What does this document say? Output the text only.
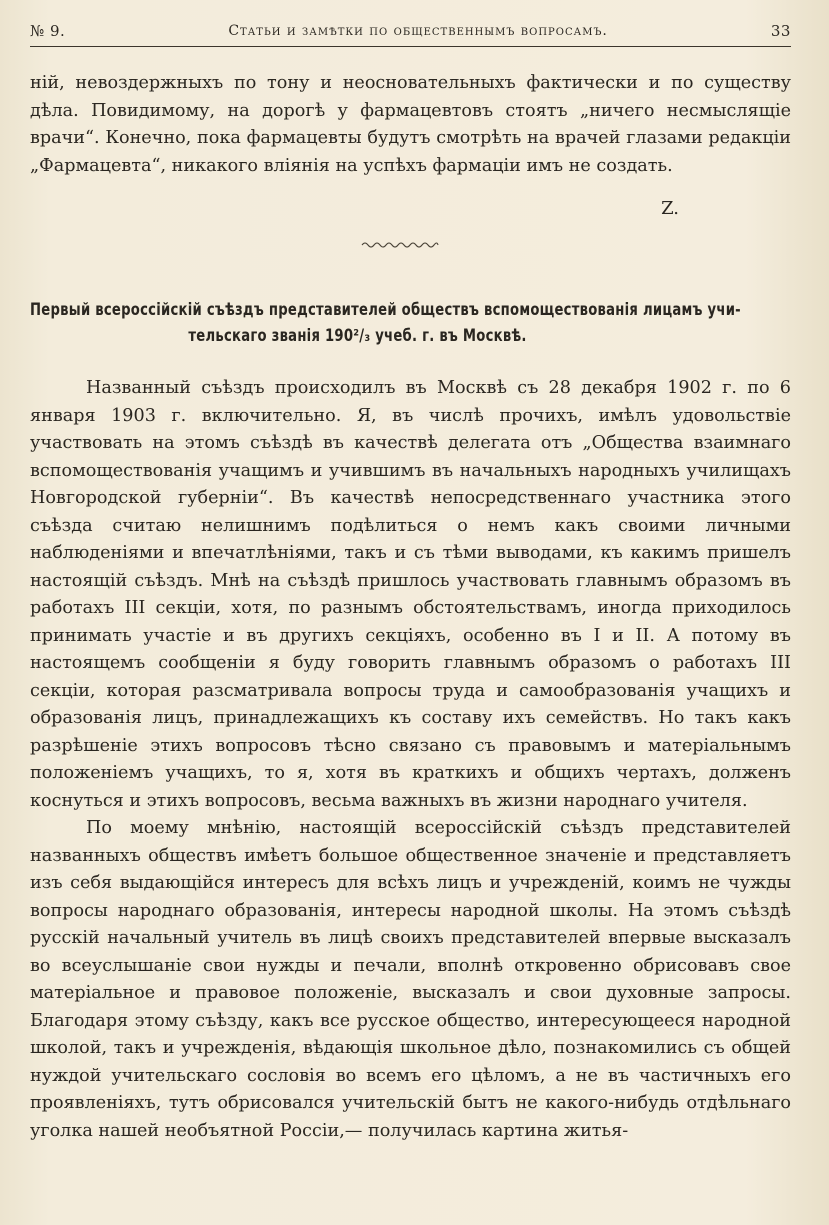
№ 9.	Статьи и замѣтки по общественнымъ вопросамъ.	33

нiй, невоздержныхъ по тону и неосновательныхъ фактически и по существу дѣла. Повидимому, на дорогѣ у фармацевтовъ стоятъ „ничего несмыслящiе врачи“. Конечно, пока фармацевты будутъ смотрѣть на врачей глазами редакцiи „Фармацевта“, никакого влiянiя на успѣхъ фармацiи имъ не создать.

Z.
Первый всероссiйскiй съѣздъ представителей обществъ вспомоществованiя лицамъ учи-
тельскаго званiя 190²/₃ учеб. г. въ Москвѣ.

Названный съѣздъ происходилъ въ Москвѣ съ 28 декабря 1902 г. по 6 января 1903 г. включительно. Я, въ числѣ прочихъ, имѣлъ удовольствiе участвовать на этомъ съѣздѣ въ качествѣ делегата отъ „Общества взаимнаго вспомоществованiя учащимъ и учившимъ въ начальныхъ народныхъ училищахъ Новгородской губернiи“. Въ качествѣ непосредственнаго участника этого съѣзда считаю нелишнимъ подѣлиться о немъ какъ своими личными наблюденiями и впечатлѣнiями, такъ и съ тѣми выводами, къ какимъ пришелъ настоящiй съѣздъ. Мнѣ на съѣздѣ пришлось участвовать главнымъ образомъ въ работахъ III секцiи, хотя, по разнымъ обстоятельствамъ, иногда приходилось принимать участiе и въ другихъ секцiяхъ, особенно въ I и II. А потому въ настоящемъ сообщенiи я буду говорить главнымъ образомъ о работахъ III секцiи, которая разсматривала вопросы труда и самообразованiя учащихъ и образованiя лицъ, принадлежащихъ къ составу ихъ семействъ. Но такъ какъ разрѣшенiе этихъ вопросовъ тѣсно связано съ правовымъ и матерiальнымъ положенiемъ учащихъ, то я, хотя въ краткихъ и общихъ чертахъ, долженъ коснуться и этихъ вопросовъ, весьма важныхъ въ жизни народнаго учителя.

По моему мнѣнiю, настоящiй всероссiйскiй съѣздъ представителей названныхъ обществъ имѣетъ большое общественное значенiе и представляетъ изъ себя выдающiйся интересъ для всѣхъ лицъ и учрежденiй, коимъ не чужды вопросы народнаго образованiя, интересы народной школы. На этомъ съѣздѣ русскiй начальный учитель въ лицѣ своихъ представителей впервые высказалъ во всеуслышанiе свои нужды и печали, вполнѣ откровенно обрисовавъ свое матерiальное и правовое положенiе, высказалъ и свои духовные запросы. Благодаря этому съѣзду, какъ все русское общество, интересующееся народной школой, такъ и учрежденiя, вѣдающiя школьное дѣло, познакомились съ общей нуждой учительскаго сословiя во всемъ его цѣломъ, а не въ частичныхъ его проявленiяхъ, тутъ обрисовался учительскiй бытъ не какого-нибудь отдѣльнаго уголка нашей необъятной Россiи,— получилась картина житья-
